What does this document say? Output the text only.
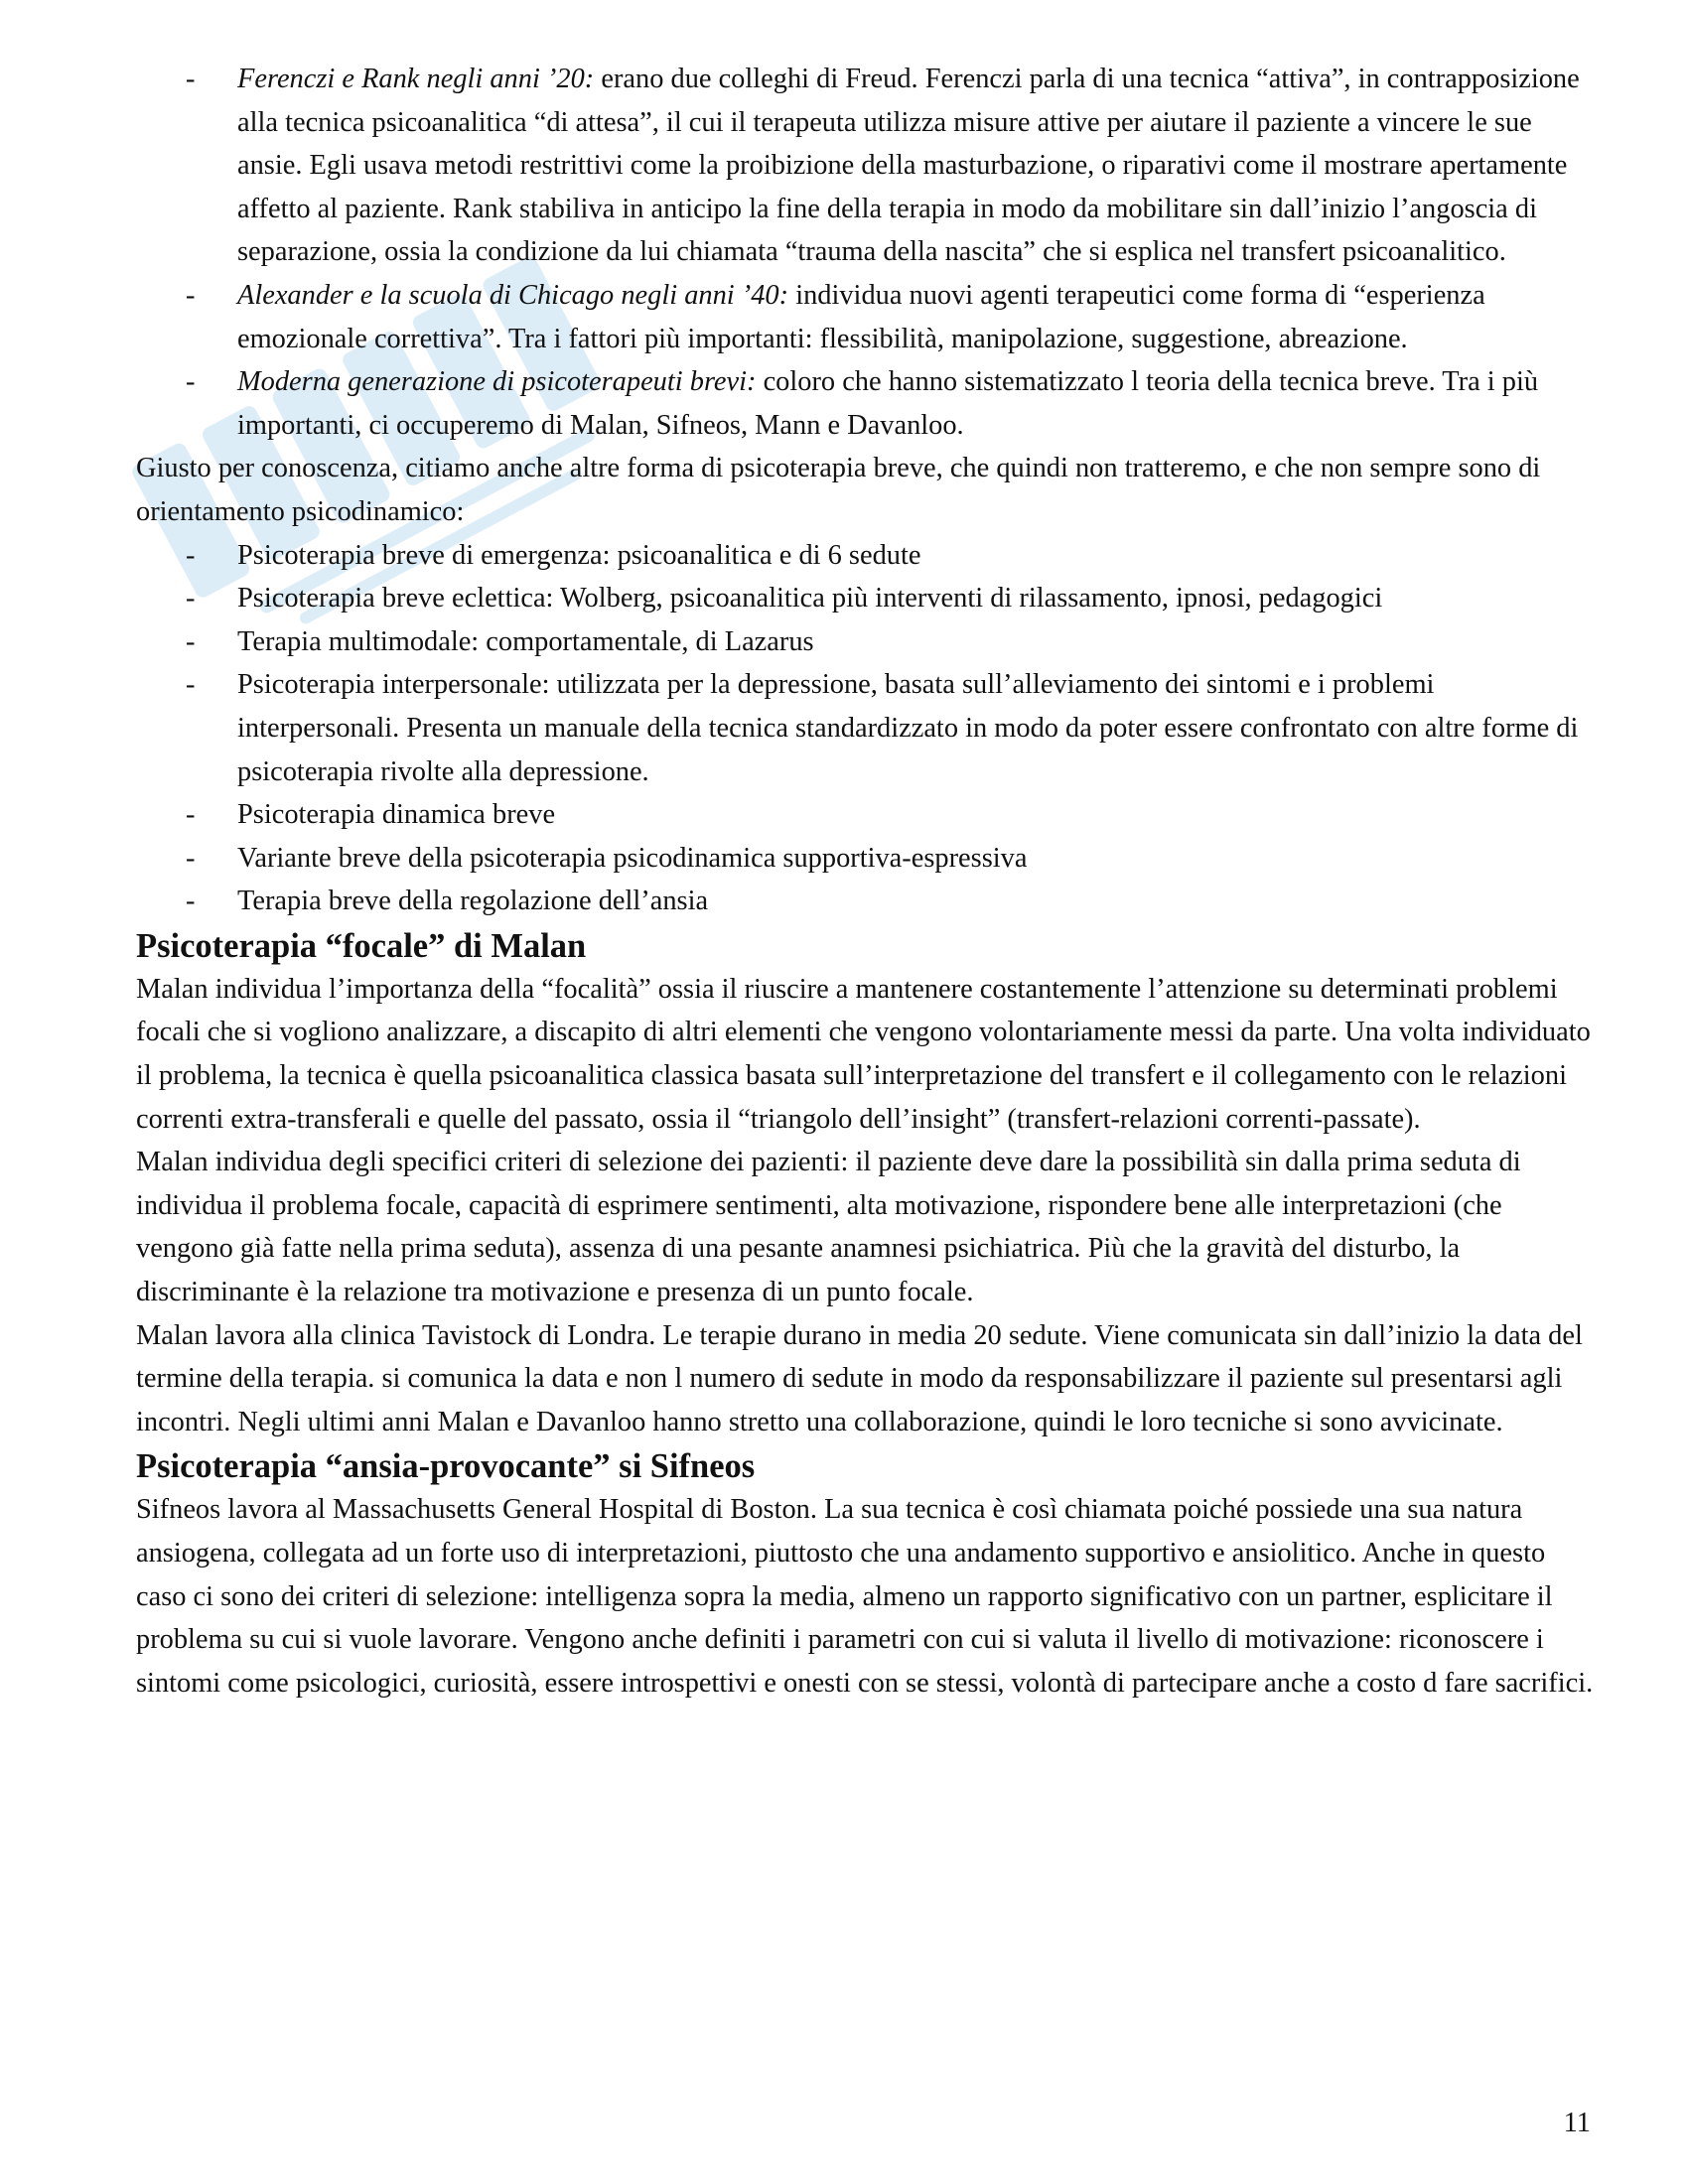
- Ferenczi e Rank negli anni ’20: erano due colleghi di Freud. Ferenczi parla di una tecnica “attiva”, in contrapposizione alla tecnica psicoanalitica “di attesa”, il cui il terapeuta utilizza misure attive per aiutare il paziente a vincere le sue ansie. Egli usava metodi restrittivi come la proibizione della masturbazione, o riparativi come il mostrare apertamente affetto al paziente. Rank stabiliva in anticipo la fine della terapia in modo da mobilitare sin dall’inizio l’angoscia di separazione, ossia la condizione da lui chiamata “trauma della nascita” che si esplica nel transfert psicoanalitico.
- Alexander e la scuola di Chicago negli anni ’40: individua nuovi agenti terapeutici come forma di “esperienza emozionale correttiva”. Tra i fattori più importanti: flessibilità, manipolazione, suggestione, abreazione.
- Moderna generazione di psicoterapeuti brevi: coloro che hanno sistematizzato l teoria della tecnica breve. Tra i più importanti, ci occuperemo di Malan, Sifneos, Mann e Davanloo.

Giusto per conoscenza, citiamo anche altre forma di psicoterapia breve, che quindi non tratteremo, e che non sempre sono di orientamento psicodinamico:

- Psicoterapia breve di emergenza: psicoanalitica e di 6 sedute
- Psicoterapia breve eclettica: Wolberg, psicoanalitica più interventi di rilassamento, ipnosi, pedagogici
- Terapia multimodale: comportamentale, di Lazarus
- Psicoterapia interpersonale: utilizzata per la depressione, basata sull’alleviamento dei sintomi e i problemi interpersonali. Presenta un manuale della tecnica standardizzato in modo da poter essere confrontato con altre forme di psicoterapia rivolte alla depressione.
- Psicoterapia dinamica breve
- Variante breve della psicoterapia psicodinamica supportiva-espressiva
- Terapia breve della regolazione dell’ansia
Psicoterapia “focale” di Malan

Malan individua l’importanza della “focalità” ossia il riuscire a mantenere costantemente l’attenzione su determinati problemi focali che si vogliono analizzare, a discapito di altri elementi che vengono volontariamente messi da parte. Una volta individuato il problema, la tecnica è quella psicoanalitica classica basata sull’interpretazione del transfert e il collegamento con le relazioni correnti extra-transferali e quelle del passato, ossia il “triangolo dell’insight” (transfert-relazioni correnti-passate).

Malan individua degli specifici criteri di selezione dei pazienti: il paziente deve dare la possibilità sin dalla prima seduta di individua il problema focale, capacità di esprimere sentimenti, alta motivazione, rispondere bene alle interpretazioni (che vengono già fatte nella prima seduta), assenza di una pesante anamnesi psichiatrica. Più che la gravità del disturbo, la discriminante è la relazione tra motivazione e presenza di un punto focale.

Malan lavora alla clinica Tavistock di Londra. Le terapie durano in media 20 sedute. Viene comunicata sin dall’inizio la data del termine della terapia. si comunica la data e non l numero di sedute in modo da responsabilizzare il paziente sul presentarsi agli incontri. Negli ultimi anni Malan e Davanloo hanno stretto una collaborazione, quindi le loro tecniche si sono avvicinate.

Psicoterapia “ansia-provocante” si Sifneos

Sifneos lavora al Massachusetts General Hospital di Boston. La sua tecnica è così chiamata poiché possiede una sua natura ansiogena, collegata ad un forte uso di interpretazioni, piuttosto che una andamento supportivo e ansiolitico. Anche in questo caso ci sono dei criteri di selezione: intelligenza sopra la media, almeno un rapporto significativo con un partner, esplicitare il problema su cui si vuole lavorare. Vengono anche definiti i parametri con cui si valuta il livello di motivazione: riconoscere i sintomi come psicologici, curiosità, essere introspettivi e onesti con se stessi, volontà di partecipare anche a costo d fare sacrifici.

11
